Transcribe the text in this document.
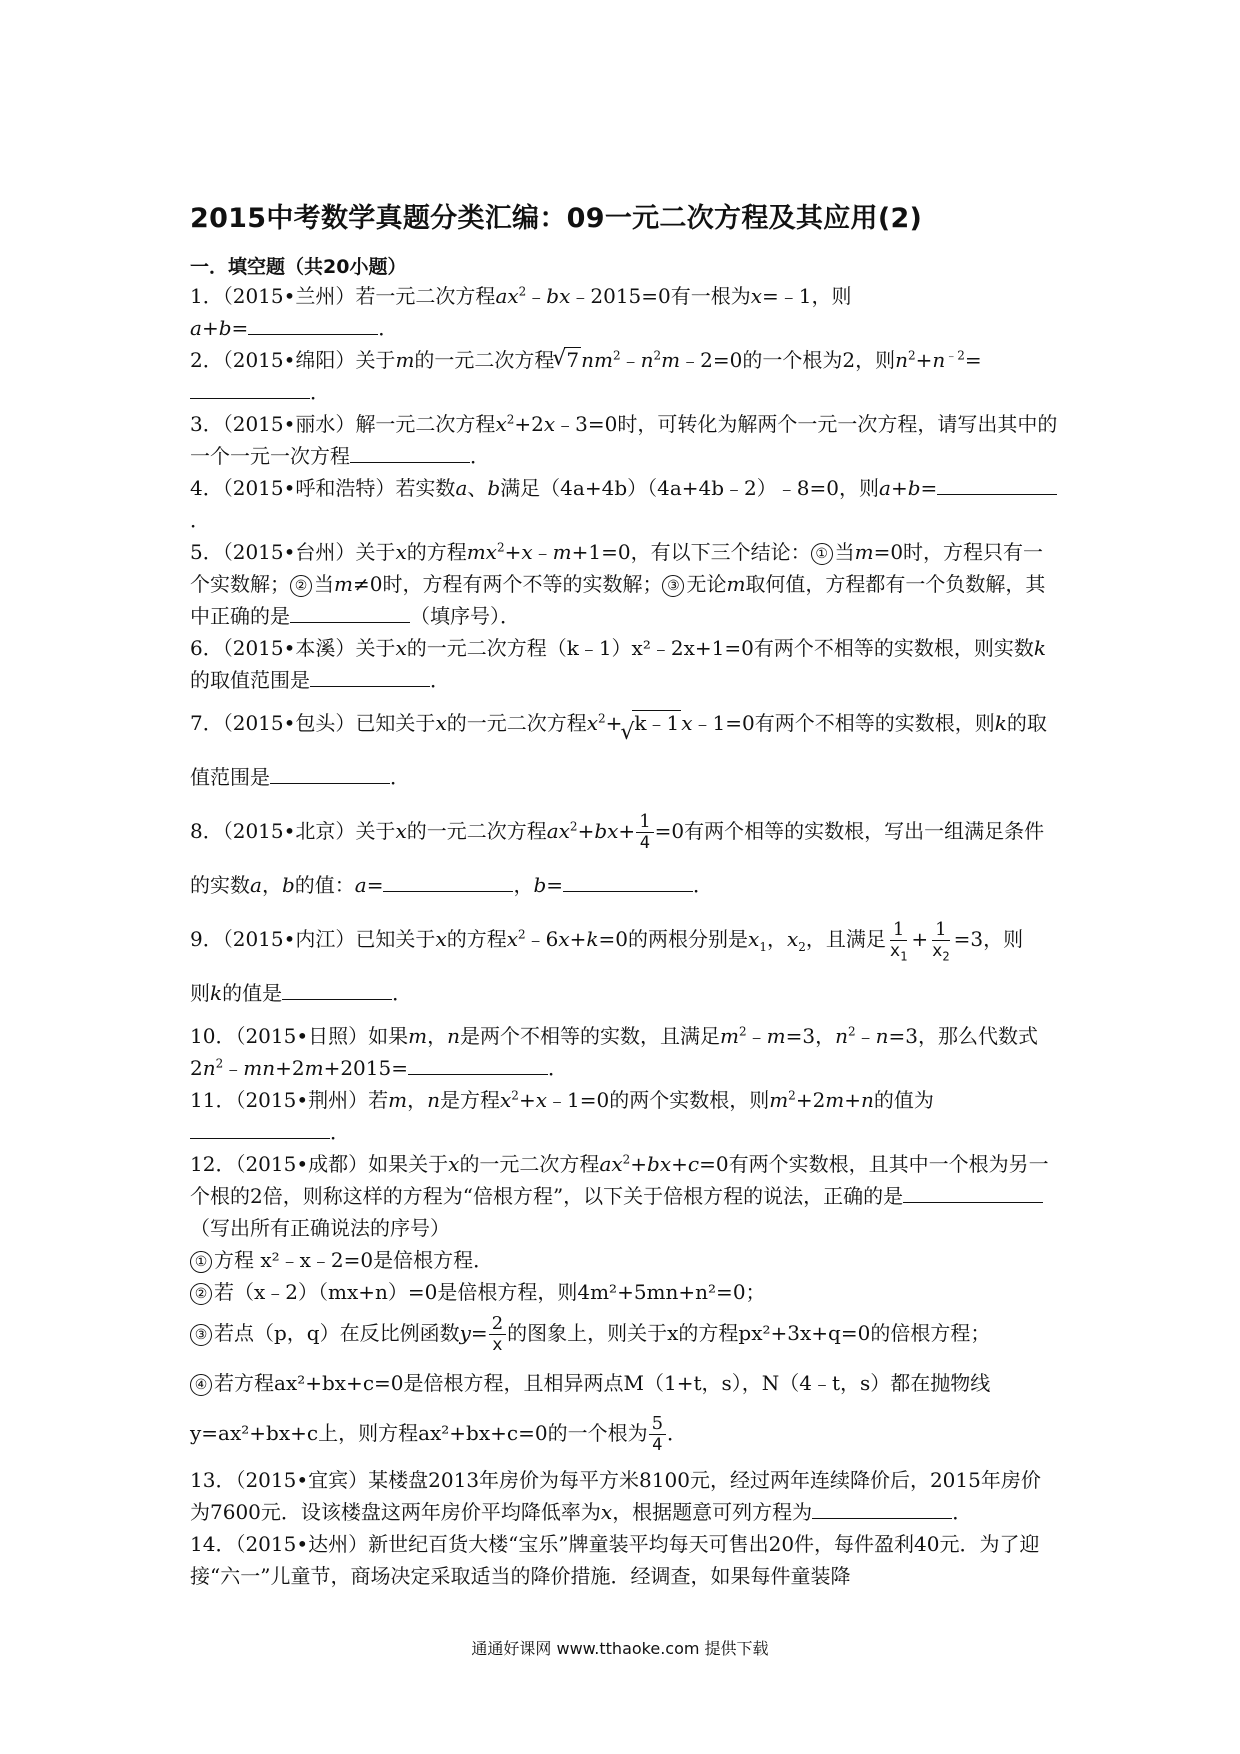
2015中考数学真题分类汇编：09一元二次方程及其应用(2)
一．填空题（共20小题）

1．（2015•兰州）若一元二次方程$ax^2﹣bx﹣2015=0$有一根为x=﹣1，则
a+b=	．

2．（2015•绵阳）关于m的一元二次方程√ 7 $nm^2﹣n^2m﹣2=0$的一个根为2，则$n^2+n^{﹣2}=$．

3．（2015•丽水）解一元二次方程$x^2+2x﹣3=0$时，可转化为解两个一元一次方程，请写出其中的一个一元一次方程	．

4．（2015•呼和浩特）若实数a、b满足（4a+4b）（4a+4b﹣2）﹣8=0，则a+b=．

5．（2015•台州）关于x的方程$mx^2+x﹣m+1=0$，有以下三个结论： ① 当m=0时，方程只有一个实数解； ② 当m≠0时，方程有两个不等的实数解； ③ 无论m取何值，方程都有一个负数解，其中正确的是	（填序号）．

6．（2015•本溪）关于x的一元二次方程（k﹣1）x²﹣2x+1=0有两个不相等的实数根，则实数k的取值范围是	．

7．（2015•包头）已知关于x的一元二次方程$x^2+√$ k﹣1 x﹣1=0有两个不相等的实数根，则k的取值范围是	．

8．（2015•北京）关于x的一元二次方程$ax^2+bx+ \frac{1}{4} =0$有两个相等的实数根，写出一组满足条件的实数a，b的值：a=	，b=	．

9．（2015•内江）已知关于x的方程$x^2﹣6x+k=0$的两根分别是$x_1$，$x_2$，且满足 $\frac{1}{x_1} + \frac{1}{x_2} =3$，则
则k的值是	．

10．（2015•日照）如果m，n是两个不相等的实数，且满足$m^2﹣m=3$，$n^2﹣n=3$，那么代数式$2n^2﹣mn+2m+2015=$	．

11．（2015•荆州）若m，n是方程$x^2+x﹣1=0$的两个实数根，则$m^2+2m+n$的值为．

12．（2015•成都）如果关于x的一元二次方程$ax^2+bx+c=0$有两个实数根，且其中一个根为另一个根的2倍，则称这样的方程为“倍根方程”，以下关于倍根方程的说法，正确的是（写出所有正确说法的序号）
① 方程 x²﹣x﹣2=0是倍根方程．
② 若（x﹣2）（mx+n）=0是倍根方程，则4m²+5mn+n²=0；
③ 若点（p，q）在反比例函数$y= \frac{2}{x}$ 的图象上，则关于x的方程px²+3x+q=0的倍根方程；
④ 若方程ax²+bx+c=0是倍根方程，且相异两点M（1+t，s），N（4﹣t，s）都在抛物线
y=ax²+bx+c上，则方程ax²+bx+c=0的一个根为 $\frac{5}{4}$ ．

13．（2015•宜宾）某楼盘2013年房价为每平方米8100元，经过两年连续降价后，2015年房价为7600元．设该楼盘这两年房价平均降低率为x，根据题意可列方程为	．

14．（2015•达州）新世纪百货大楼“宝乐”牌童装平均每天可售出20件，每件盈利40元．为了迎接“六一”儿童节，商场决定采取适当的降价措施．经调查，如果每件童装降

通通好课网 www.tthaoke.com 提供下载
